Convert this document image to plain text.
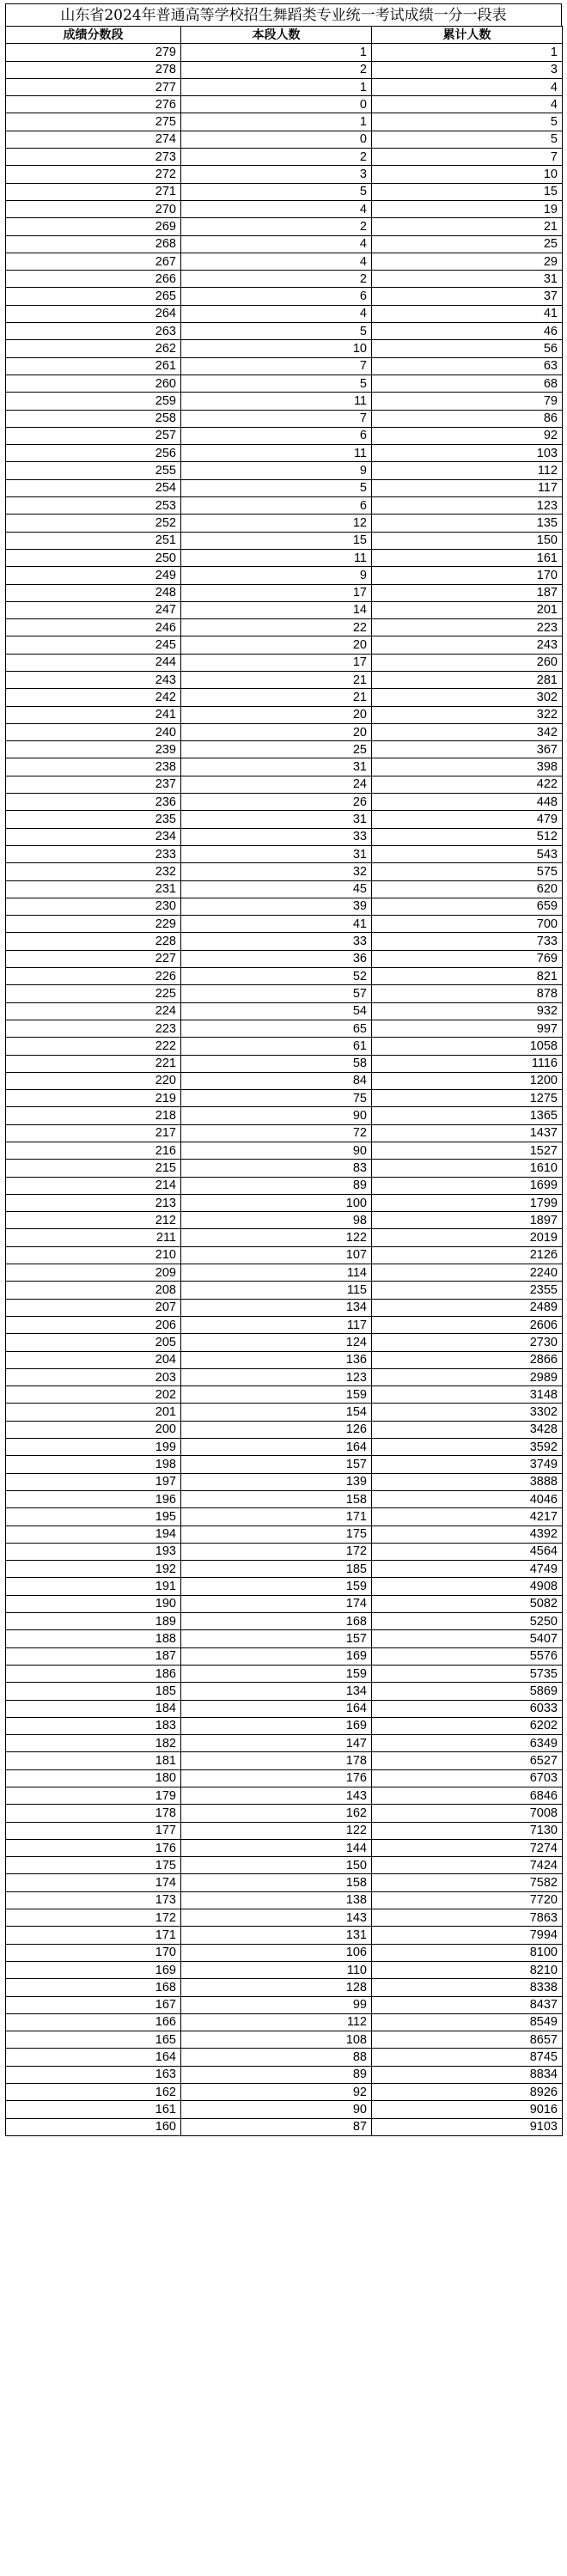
山东省2024年普通高等学校招生舞蹈类专业统一考试成绩一分一段表
成绩分数段	本段人数	累计人数
279	1	1
278	2	3
277	1	4
276	0	4
275	1	5
274	0	5
273	2	7
272	3	10
271	5	15
270	4	19
269	2	21
268	4	25
267	4	29
266	2	31
265	6	37
264	4	41
263	5	46
262	10	56
261	7	63
260	5	68
259	11	79
258	7	86
257	6	92
256	11	103
255	9	112
254	5	117
253	6	123
252	12	135
251	15	150
250	11	161
249	9	170
248	17	187
247	14	201
246	22	223
245	20	243
244	17	260
243	21	281
242	21	302
241	20	322
240	20	342
239	25	367
238	31	398
237	24	422
236	26	448
235	31	479
234	33	512
233	31	543
232	32	575
231	45	620
230	39	659
229	41	700
228	33	733
227	36	769
226	52	821
225	57	878
224	54	932
223	65	997
222	61	1058
221	58	1116
220	84	1200
219	75	1275
218	90	1365
217	72	1437
216	90	1527
215	83	1610
214	89	1699
213	100	1799
212	98	1897
211	122	2019
210	107	2126
209	114	2240
208	115	2355
207	134	2489
206	117	2606
205	124	2730
204	136	2866
203	123	2989
202	159	3148
201	154	3302
200	126	3428
199	164	3592
198	157	3749
197	139	3888
196	158	4046
195	171	4217
194	175	4392
193	172	4564
192	185	4749
191	159	4908
190	174	5082
189	168	5250
188	157	5407
187	169	5576
186	159	5735
185	134	5869
184	164	6033
183	169	6202
182	147	6349
181	178	6527
180	176	6703
179	143	6846
178	162	7008
177	122	7130
176	144	7274
175	150	7424
174	158	7582
173	138	7720
172	143	7863
171	131	7994
170	106	8100
169	110	8210
168	128	8338
167	99	8437
166	112	8549
165	108	8657
164	88	8745
163	89	8834
162	92	8926
161	90	9016
160	87	9103
